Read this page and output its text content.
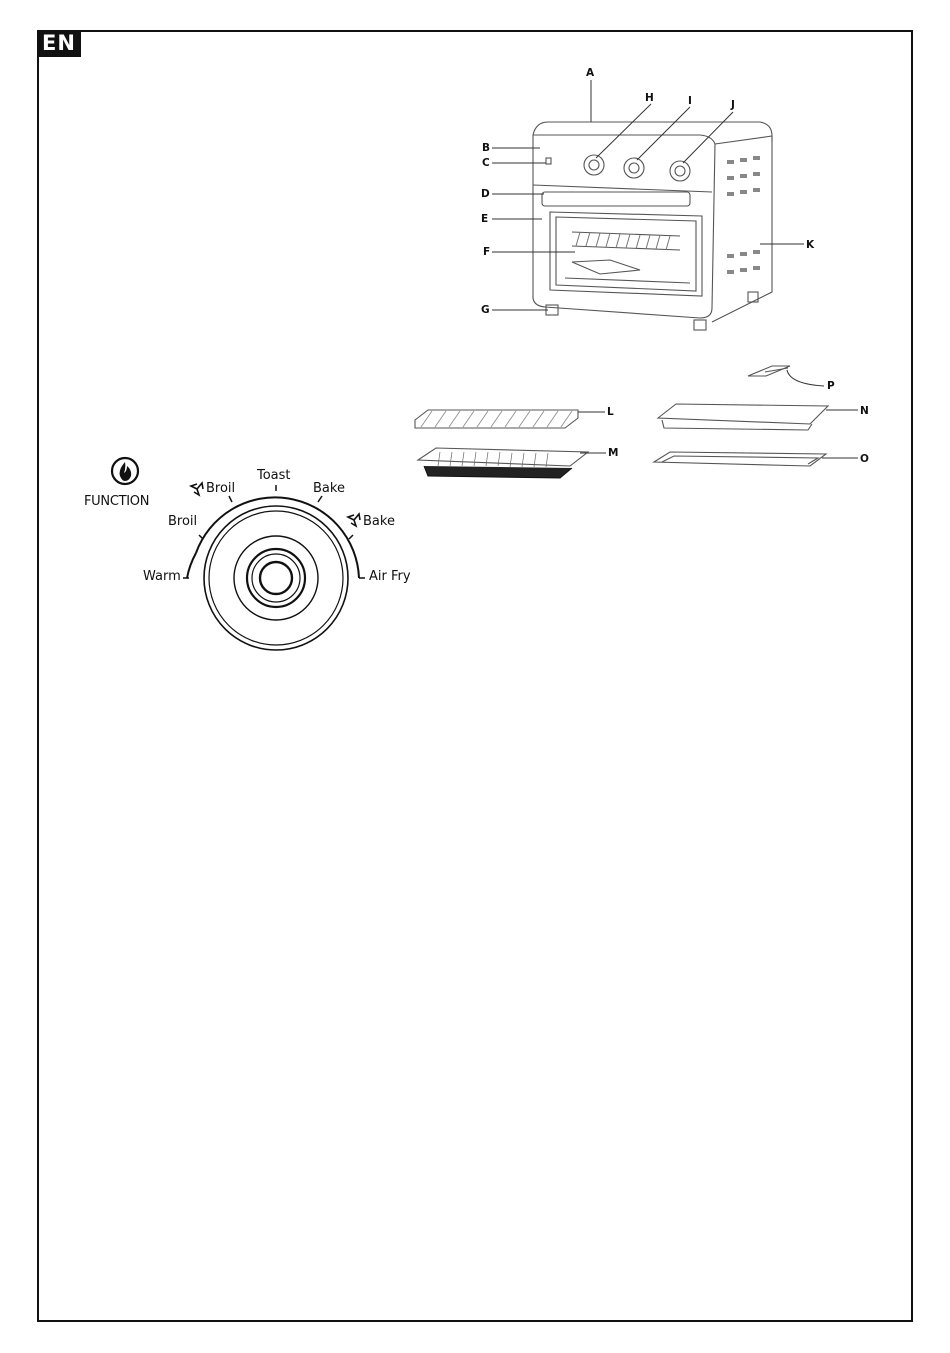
EN
A
B
C
D
E
F
G
H	I	J
K
L
M
N
O
P
FUNCTION
Warm
Broil
Broil
Toast
Bake
Bake
Air Fry
